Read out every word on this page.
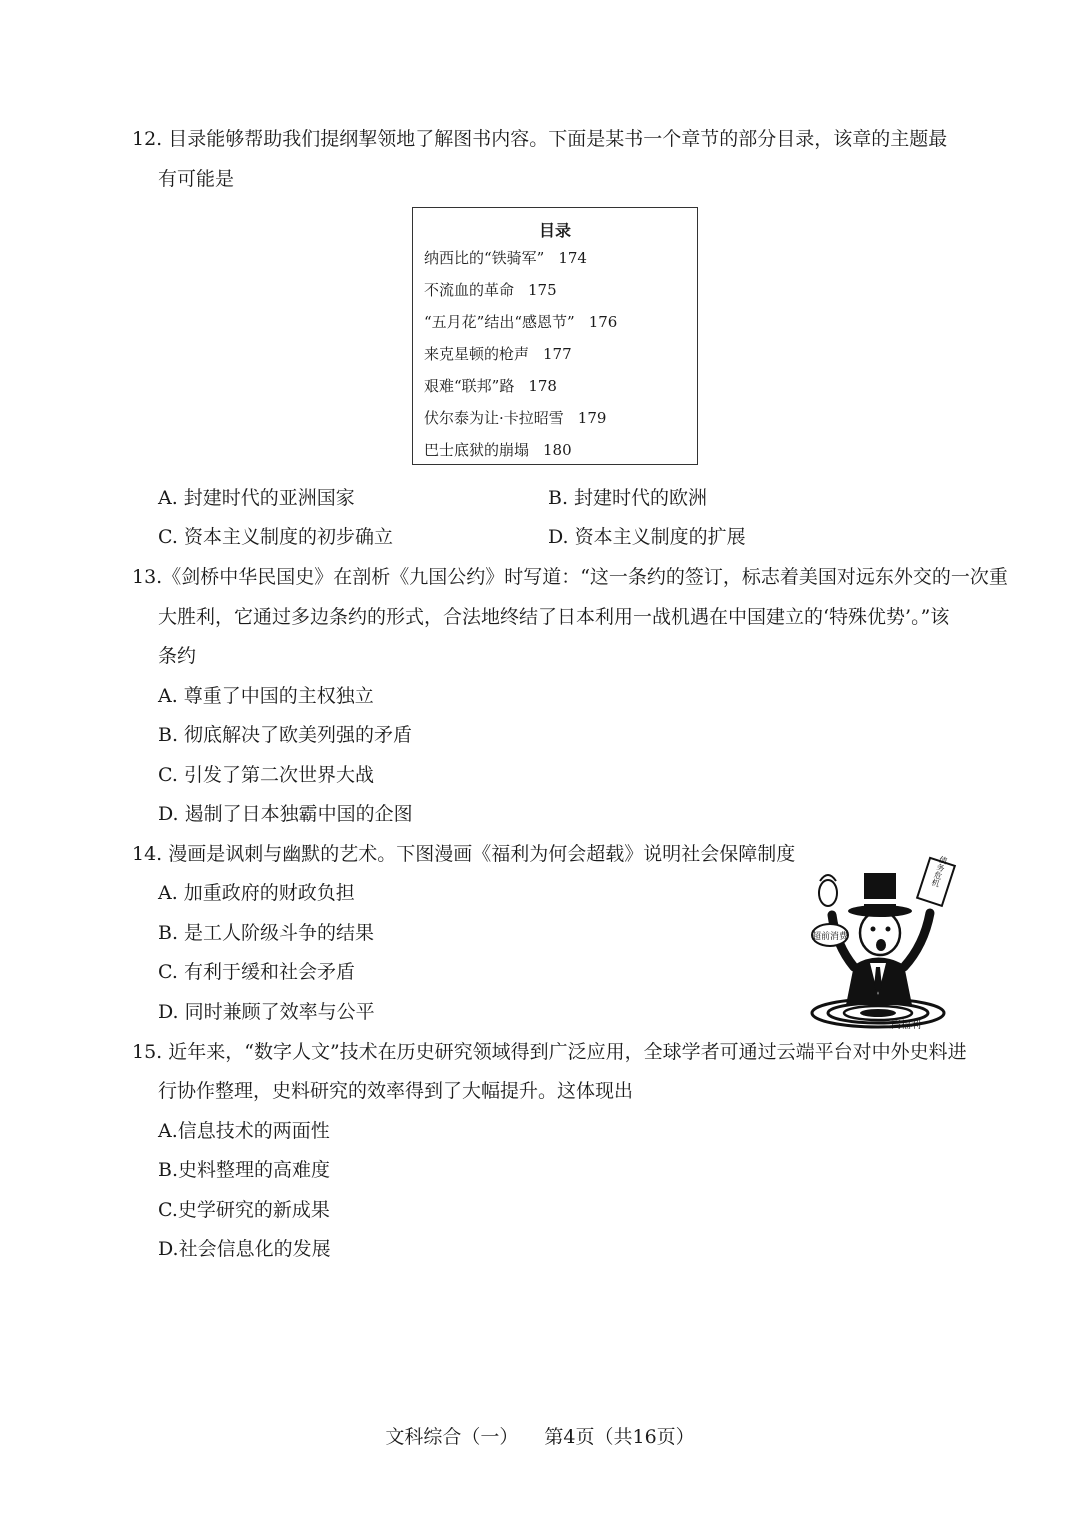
12. 目录能够帮助我们提纲挈领地了解图书内容。下面是某书一个章节的部分目录，该章的主题最
有可能是
目录
纳西比的“铁骑军” 174
不流血的革命 175
“五月花”结出“感恩节” 176
来克星顿的枪声 177
艰难“联邦”路 178
伏尔泰为让·卡拉昭雪 179
巴士底狱的崩塌 180
A. 封建时代的亚洲国家	B. 封建时代的欧洲
C. 资本主义制度的初步确立	D. 资本主义制度的扩展
13.《剑桥中华民国史》在剖析《九国公约》时写道：“这一条约的签订，标志着美国对远东外交的一次重
大胜利，它通过多边条约的形式，合法地终结了日本利用一战机遇在中国建立的‘特殊优势’。”该
条约
A. 尊重了中国的主权独立
B. 彻底解决了欧美列强的矛盾
C. 引发了第二次世界大战
D. 遏制了日本独霸中国的企图
14. 漫画是讽刺与幽默的艺术。下图漫画《福利为何会超载》说明社会保障制度
A. 加重政府的财政负担
B. 是工人阶级斗争的结果
C. 有利于缓和社会矛盾
D. 同时兼顾了效率与公平
超前消费
债务危机
高福利
15. 近年来，“数字人文”技术在历史研究领域得到广泛应用，全球学者可通过云端平台对中外史料进
行协作整理，史料研究的效率得到了大幅提升。这体现出
A.信息技术的两面性
B.史料整理的高难度
C.史学研究的新成果
D.社会信息化的发展
文科综合（一） 第4页（共16页）
